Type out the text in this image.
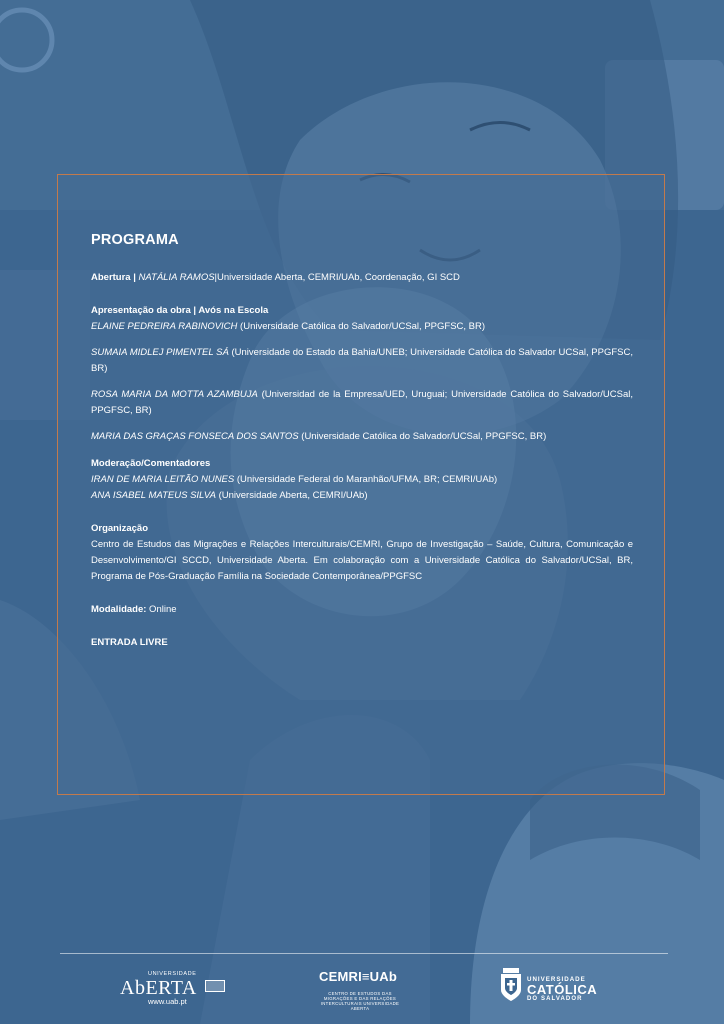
PROGRAMA

Abertura | NATÁLIA RAMOS|Universidade Aberta, CEMRI/UAb, Coordenação, GI SCD

Apresentação da obra | Avós na Escola

ELAINE PEDREIRA RABINOVICH (Universidade Católica do Salvador/UCSal, PPGFSC, BR)

SUMAIA MIDLEJ PIMENTEL SÁ (Universidade do Estado da Bahia/UNEB; Universidade Católica do Salvador UCSal, PPGFSC, BR)

ROSA MARIA DA MOTTA AZAMBUJA (Universidad de la Empresa/UED, Uruguai; Universidade Católica do Salvador/UCSal, PPGFSC, BR)

MARIA DAS GRAÇAS FONSECA DOS SANTOS (Universidade Católica do Salvador/UCSal, PPGFSC, BR)

Moderação/Comentadores

IRAN DE MARIA LEITÃO NUNES (Universidade Federal do Maranhão/UFMA, BR; CEMRI/UAb)

ANA ISABEL MATEUS SILVA (Universidade Aberta, CEMRI/UAb)

Organização

Centro de Estudos das Migrações e Relações Interculturais/CEMRI, Grupo de Investigação – Saúde, Cultura, Comunicação e Desenvolvimento/GI SCCD, Universidade Aberta. Em colaboração com a Universidade Católica do Salvador/UCSal, BR, Programa de Pós-Graduação Família na Sociedade Contemporânea/PPGFSC

Modalidade: Online

ENTRADA LIVRE

UNIVERSIDADE
AbERTA
www.uab.pt
CEMRI≡UAb
CENTRO DE ESTUDOS DAS MIGRAÇÕES E DAS RELAÇÕES INTERCULTURAIS UNIVERSIDADE ABERTA
UNIVERSIDADE
CATÓLICA
DO SALVADOR
